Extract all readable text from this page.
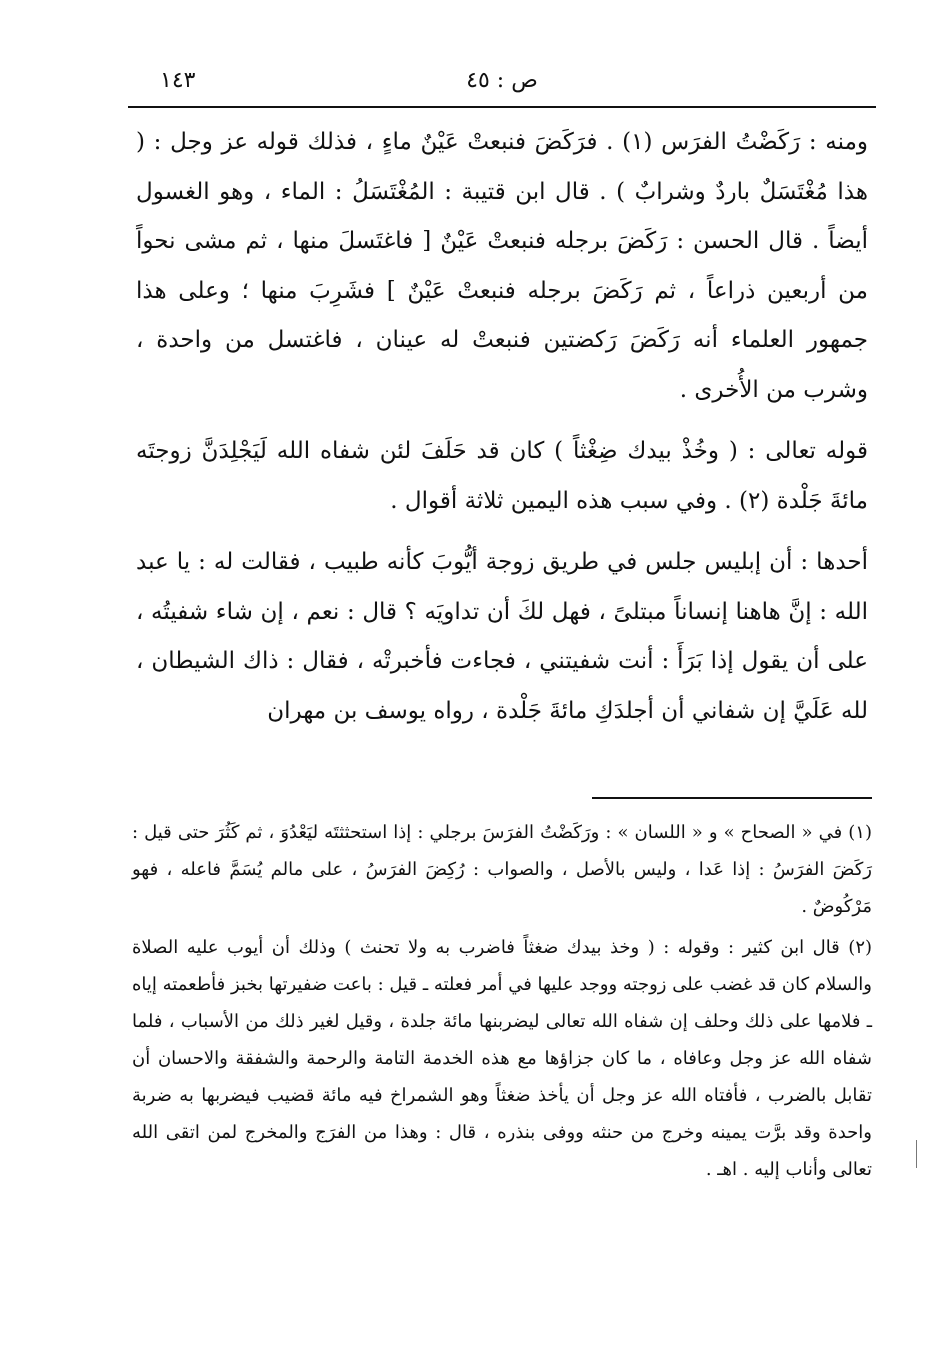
ص : ٤٥
١٤٣

ومنه : رَكَضْتُ الفرَس (١) . فرَكَضَ فنبعتْ عَيْنٌ ماءٍ ، فذلك قوله عز وجل : ( هذا مُغْتَسَلٌ باردٌ وشرابٌ ) . قال ابن قتيبة : المُغْتَسَلُ : الماء ، وهو الغسول أيضاً . قال الحسن : رَكَضَ برجله فنبعتْ عَيْنٌ [ فاغتَسلَ منها ، ثم مشى نحواً من أربعين ذراعاً ، ثم رَكَضَ برجله فنبعتْ عَيْنٌ ] فشَرِبَ منها ؛ وعلى هذا جمهور العلماء أنه رَكَضَ رَكضتين فنبعتْ له عينان ، فاغتسل من واحدة ، وشرب من الأُخرى .

قوله تعالى : ( وخُذْ بيدك ضِغْثاً ) كان قد حَلَفَ لئن شفاه الله لَيَجْلِدَنَّ زوجتَه مائةَ جَلْدة (٢) . وفي سبب هذه اليمين ثلاثة أقوال .

أحدها : أن إبليس جلس في طريق زوجة أيُّوبَ كأنه طبيب ، فقالت له : يا عبد الله : إنَّ هاهنا إنساناً مبتلىً ، فهل لكَ أن تداويَه ؟ قال : نعم ، إن شاء شفيتُه ، على أن يقول إذا بَرَأَ : أنت شفيتني ، فجاءت فأخبرتْه ، فقال : ذاك الشيطان ، لله عَلَيَّ إن شفاني أن أجلدَكِ مائةَ جَلْدة ، رواه يوسف بن مهران

(١) في « الصحاح » و « اللسان » : ورَكَضْتُ الفرَسَ برجلي : إذا استحثثتَه ليَعْدُوَ ، ثم كَثُرَ حتى قيل : رَكَضَ الفرَسُ : إذا عَدا ، وليس بالأصل ، والصواب : رُكِضَ الفرَسُ ، على مالم يُسَمَّ فاعله ، فهو مَرْكُوضٌ .

(٢) قال ابن كثير : وقوله : ( وخذ بيدك ضغثاً فاضرب به ولا تحنث ) وذلك أن أيوب عليه الصلاة والسلام كان قد غضب على زوجته ووجد عليها في أمر فعلته ـ قيل : باعت ضفيرتها بخبز فأطعمته إياه ـ فلامها على ذلك وحلف إن شفاه الله تعالى ليضربنها مائة جلدة ، وقيل لغير ذلك من الأسباب ، فلما شفاه الله عز وجل وعافاه ، ما كان جزاؤها مع هذه الخدمة التامة والرحمة والشفقة والاحسان أن تقابل بالضرب ، فأفتاه الله عز وجل أن يأخذ ضغثاً وهو الشمراخ فيه مائة قضيب فيضربها به ضربة واحدة وقد برَّت يمينه وخرج من حنثه ووفى بنذره ، قال : وهذا من الفرَج والمخرج لمن اتقى الله تعالى وأناب إليه . اهـ .
